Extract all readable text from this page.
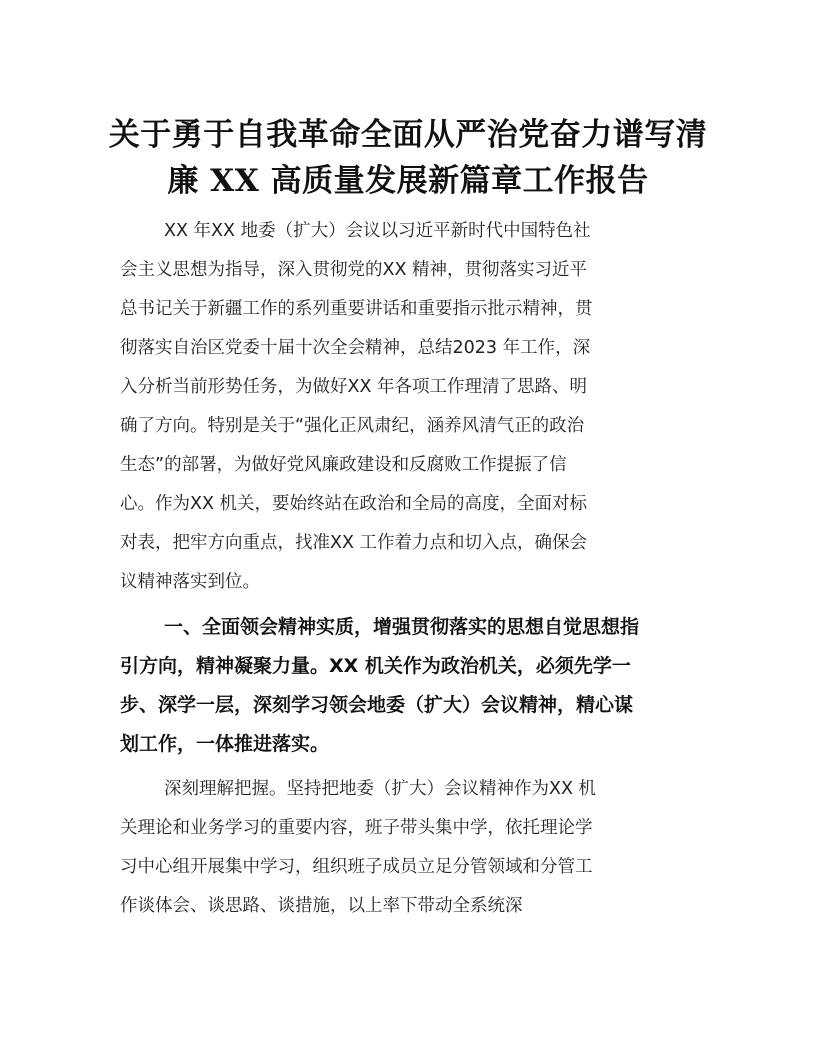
关于勇于自我革命全面从严治党奋力谱写清
廉 XX 高质量发展新篇章工作报告
XX 年XX 地委（扩大）会议以习近平新时代中国特色社
会主义思想为指导，深入贯彻党的XX 精神，贯彻落实习近平
总书记关于新疆工作的系列重要讲话和重要指示批示精神，贯
彻落实自治区党委十届十次全会精神，总结2023 年工作，深
入分析当前形势任务，为做好XX 年各项工作理清了思路、明
确了方向。特别是关于“强化正风肃纪，涵养风清气正的政治
生态”的部署，为做好党风廉政建设和反腐败工作提振了信
心。作为XX 机关，要始终站在政治和全局的高度，全面对标
对表，把牢方向重点，找准XX 工作着力点和切入点，确保会
议精神落实到位。
一、全面领会精神实质，增强贯彻落实的思想自觉思想指
引方向，精神凝聚力量。XX 机关作为政治机关，必须先学一
步、深学一层，深刻学习领会地委（扩大）会议精神，精心谋
划工作，一体推进落实。
深刻理解把握。坚持把地委（扩大）会议精神作为XX 机
关理论和业务学习的重要内容，班子带头集中学，依托理论学
习中心组开展集中学习，组织班子成员立足分管领域和分管工
作谈体会、谈思路、谈措施，以上率下带动全系统深
